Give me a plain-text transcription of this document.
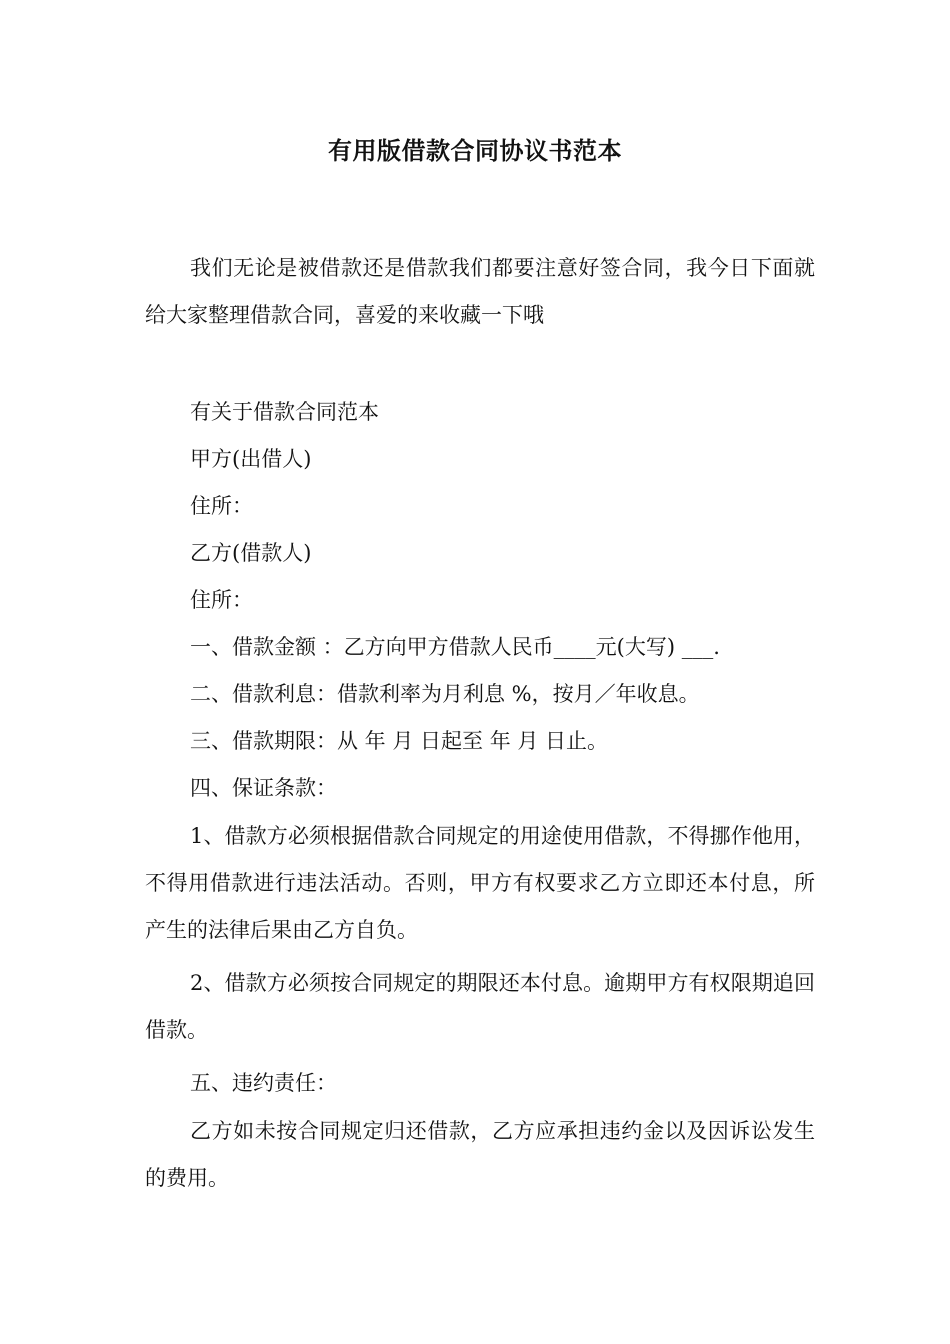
有用版借款合同协议书范本

我们无论是被借款还是借款我们都要注意好签合同，我今日下面就给大家整理借款合同，喜爱的来收藏一下哦

有关于借款合同范本

甲方(出借人)

住所：

乙方(借款人)

住所：

一、借款金额 ：乙方向甲方借款人民币____元(大写) ___.

二、借款利息：借款利率为月利息 %，按月／年收息。

三、借款期限：从 年 月 日起至 年 月 日止。

四、保证条款：

1、借款方必须根据借款合同规定的用途使用借款，不得挪作他用，不得用借款进行违法活动。否则，甲方有权要求乙方立即还本付息，所产生的法律后果由乙方自负。

2、借款方必须按合同规定的期限还本付息。逾期甲方有权限期追回借款。

五、违约责任：

乙方如未按合同规定归还借款，乙方应承担违约金以及因诉讼发生的费用。
